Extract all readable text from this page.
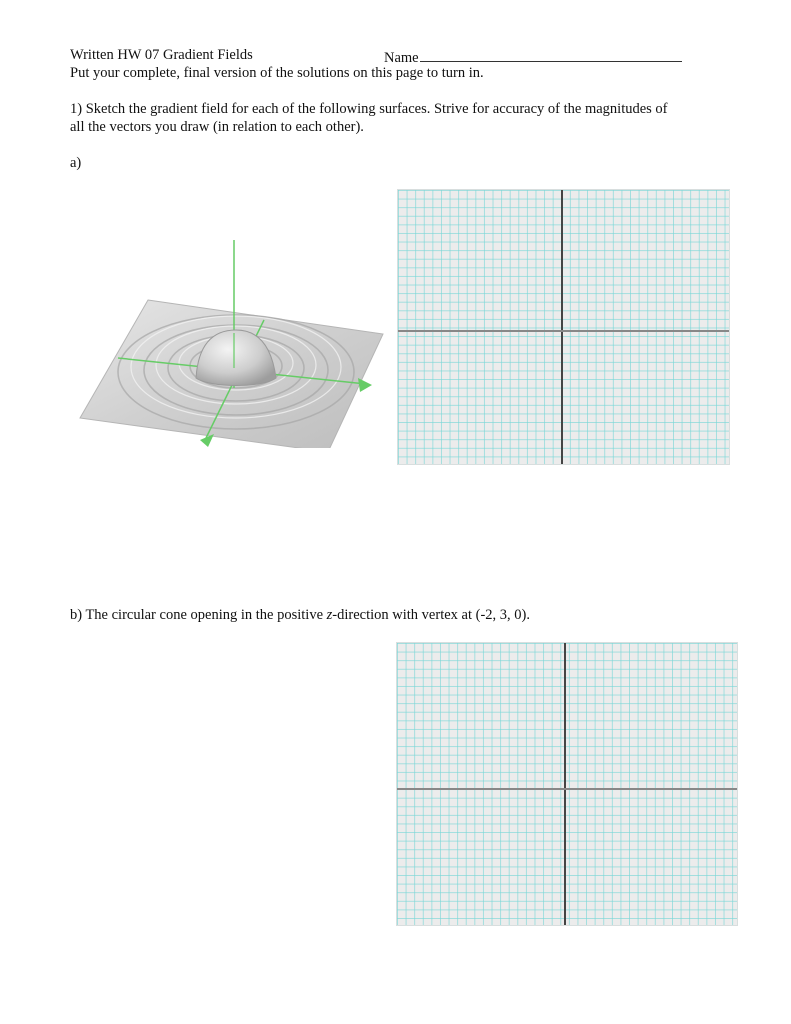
Written HW 07 Gradient Fields	Name
Put your complete, final version of the solutions on this page to turn in.
1) Sketch the gradient field for each of the following surfaces. Strive for accuracy of the magnitudes of
all the vectors you draw (in relation to each other).
a)
b) The circular cone opening in the positive z-direction with vertex at (-2, 3, 0).
